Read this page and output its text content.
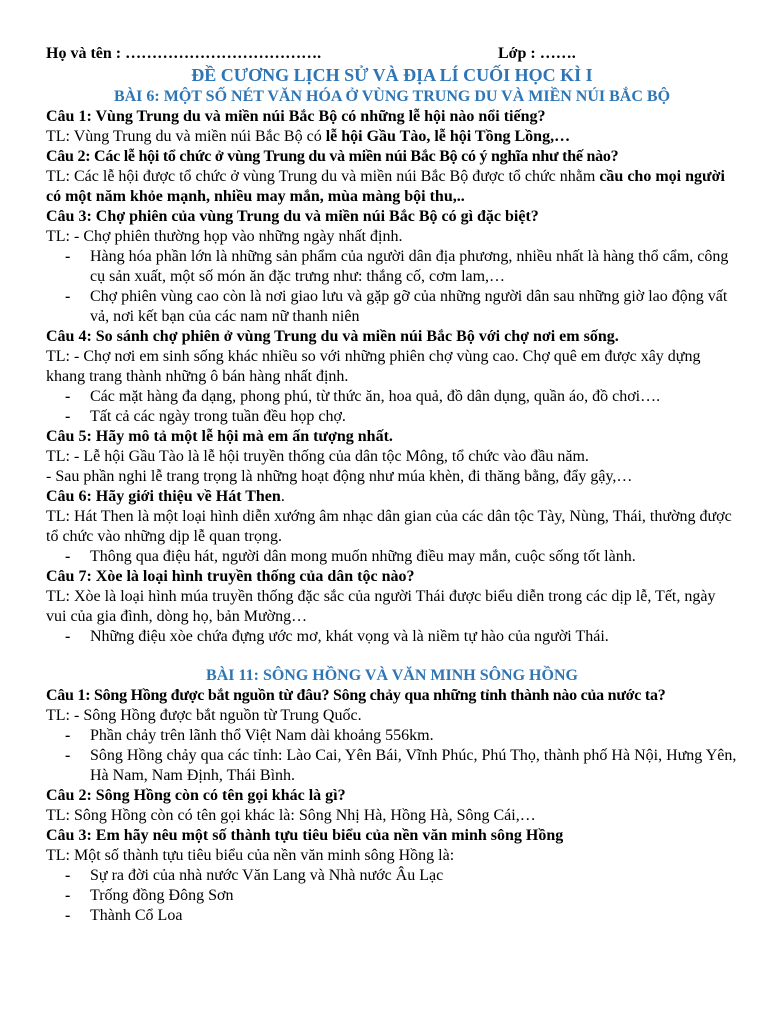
Họ và tên : ……………………………….	Lớp : …….

ĐỀ CƯƠNG LỊCH SỬ VÀ ĐỊA LÍ CUỐI HỌC KÌ I

BÀI 6: MỘT SỐ NÉT VĂN HÓA Ở VÙNG TRUNG DU VÀ MIỀN NÚI BẮC BỘ

Câu 1: Vùng Trung du và miền núi Bắc Bộ có những lễ hội nào nổi tiếng?

TL: Vùng Trung du và miền núi Bắc Bộ có lễ hội Gầu Tào, lễ hội Tồng Lồng,…

Câu 2: Các lễ hội tổ chức ở vùng Trung du và miền núi Bắc Bộ có ý nghĩa như thế nào?

TL: Các lễ hội được tổ chức ở vùng Trung du và miền núi Bắc Bộ được tổ chức nhằm cầu cho mọi người có một năm khỏe mạnh, nhiều may mắn, mùa màng bội thu,..

Câu 3: Chợ phiên của vùng Trung du và miền núi Bắc Bộ có gì đặc biệt?

TL: - Chợ phiên thường họp vào những ngày nhất định.

-	Hàng hóa phần lớn là những sản phẩm của người dân địa phương, nhiều nhất là hàng thổ cẩm, công cụ sản xuất, một số món ăn đặc trưng như: thắng cố, cơm lam,…
-	Chợ phiên vùng cao còn là nơi giao lưu và gặp gỡ của những người dân sau những giờ lao động vất vả, nơi kết bạn của các nam nữ thanh niên

Câu 4: So sánh chợ phiên ở vùng Trung du và miền núi Bắc Bộ với chợ nơi em sống.

TL: - Chợ nơi em sinh sống khác nhiều so với những phiên chợ vùng cao. Chợ quê em được xây dựng khang trang thành những ô bán hàng nhất định.

-	Các mặt hàng đa dạng, phong phú, từ thức ăn, hoa quả, đồ dân dụng, quần áo, đồ chơi….
-	Tất cả các ngày trong tuần đều họp chợ.

Câu 5: Hãy mô tả một lễ hội mà em ấn tượng nhất.

TL: - Lễ hội Gầu Tào là lễ hội truyền thống của dân tộc Mông, tổ chức vào đầu năm.

- Sau phần nghi lễ trang trọng là những hoạt động như múa khèn, đi thăng bằng, đẩy gậy,…

Câu 6: Hãy giới thiệu về Hát Then.

TL: Hát Then là một loại hình diễn xướng âm nhạc dân gian của các dân tộc Tày, Nùng, Thái, thường được tổ chức vào những dịp lễ quan trọng.

-	Thông qua điệu hát, người dân mong muốn những điều may mắn, cuộc sống tốt lành.

Câu 7: Xòe là loại hình truyền thống của dân tộc nào?

TL: Xòe là loại hình múa truyền thống đặc sắc của người Thái được biểu diễn trong các dịp lễ, Tết, ngày vui của gia đình, dòng họ, bản Mường…

-	Những điệu xòe chứa đựng ước mơ, khát vọng và là niềm tự hào của người Thái.

BÀI 11: SÔNG HỒNG VÀ VĂN MINH SÔNG HỒNG

Câu 1: Sông Hồng được bắt nguồn từ đâu? Sông chảy qua những tỉnh thành nào của nước ta?

TL: - Sông Hồng được bắt nguồn từ Trung Quốc.

-	Phần chảy trên lãnh thổ Việt Nam dài khoảng 556km.
-	Sông Hồng chảy qua các tỉnh: Lào Cai, Yên Bái, Vĩnh Phúc, Phú Thọ, thành phố Hà Nội, Hưng Yên, Hà Nam, Nam Định, Thái Bình.

Câu 2: Sông Hồng còn có tên gọi khác là gì?

TL: Sông Hồng còn có tên gọi khác là: Sông Nhị Hà, Hồng Hà, Sông Cái,…

Câu 3: Em hãy nêu một số thành tựu tiêu biểu của nền văn minh sông Hồng

TL: Một số thành tựu tiêu biểu của nền văn minh sông Hồng là:

-	Sự ra đời của nhà nước Văn Lang và Nhà nước Âu Lạc
-	Trống đồng Đông Sơn
-	Thành Cổ Loa
